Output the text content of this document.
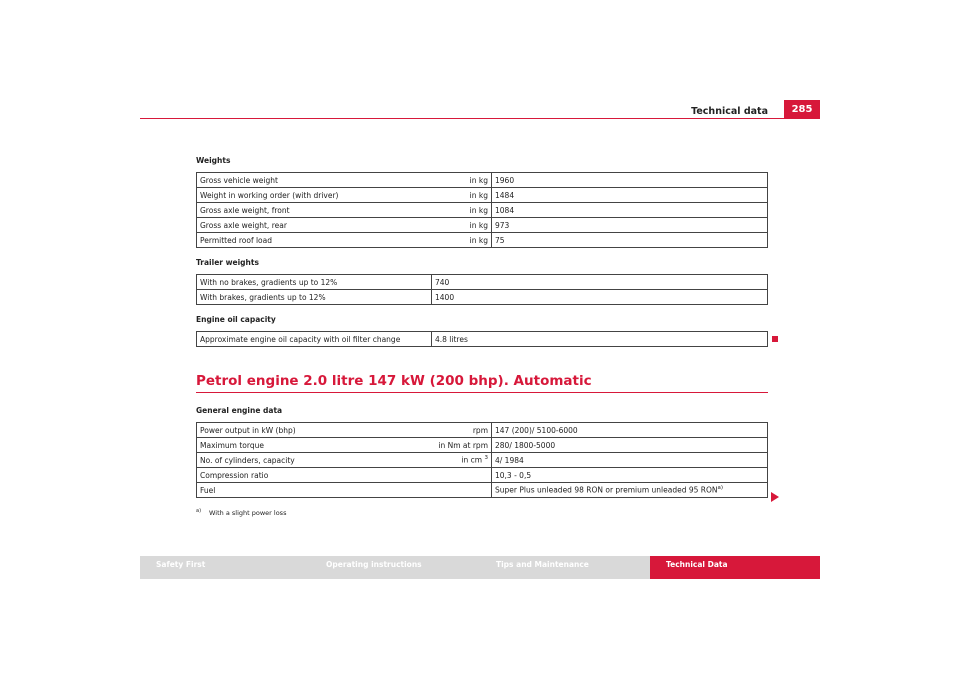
Technical data	285
Weights
Gross vehicle weight	in kg	1960
Weight in working order (with driver)	in kg	1484
Gross axle weight, front	in kg	1084
Gross axle weight, rear	in kg	973
Permitted roof load	in kg	75
Trailer weights
With no brakes, gradients up to 12%	740
With brakes, gradients up to 12%	1400
Engine oil capacity
Approximate engine oil capacity with oil filter change	4.8 litres
Petrol engine 2.0 litre 147 kW (200 bhp). Automatic
General engine data
Power output in kW (bhp)	rpm	147 (200)/ 5100-6000
Maximum torque	in Nm at rpm	280/ 1800-5000
No. of cylinders, capacity	in cm $^3$	4/ 1984
Compression ratio		10,3 - 0,5
Fuel		Super Plus unleaded 98 RON or premium unleaded 95 RON$^{a)}$
$^{a)}$ With a slight power loss
Safety First	Operating instructions	Tips and Maintenance	Technical Data
